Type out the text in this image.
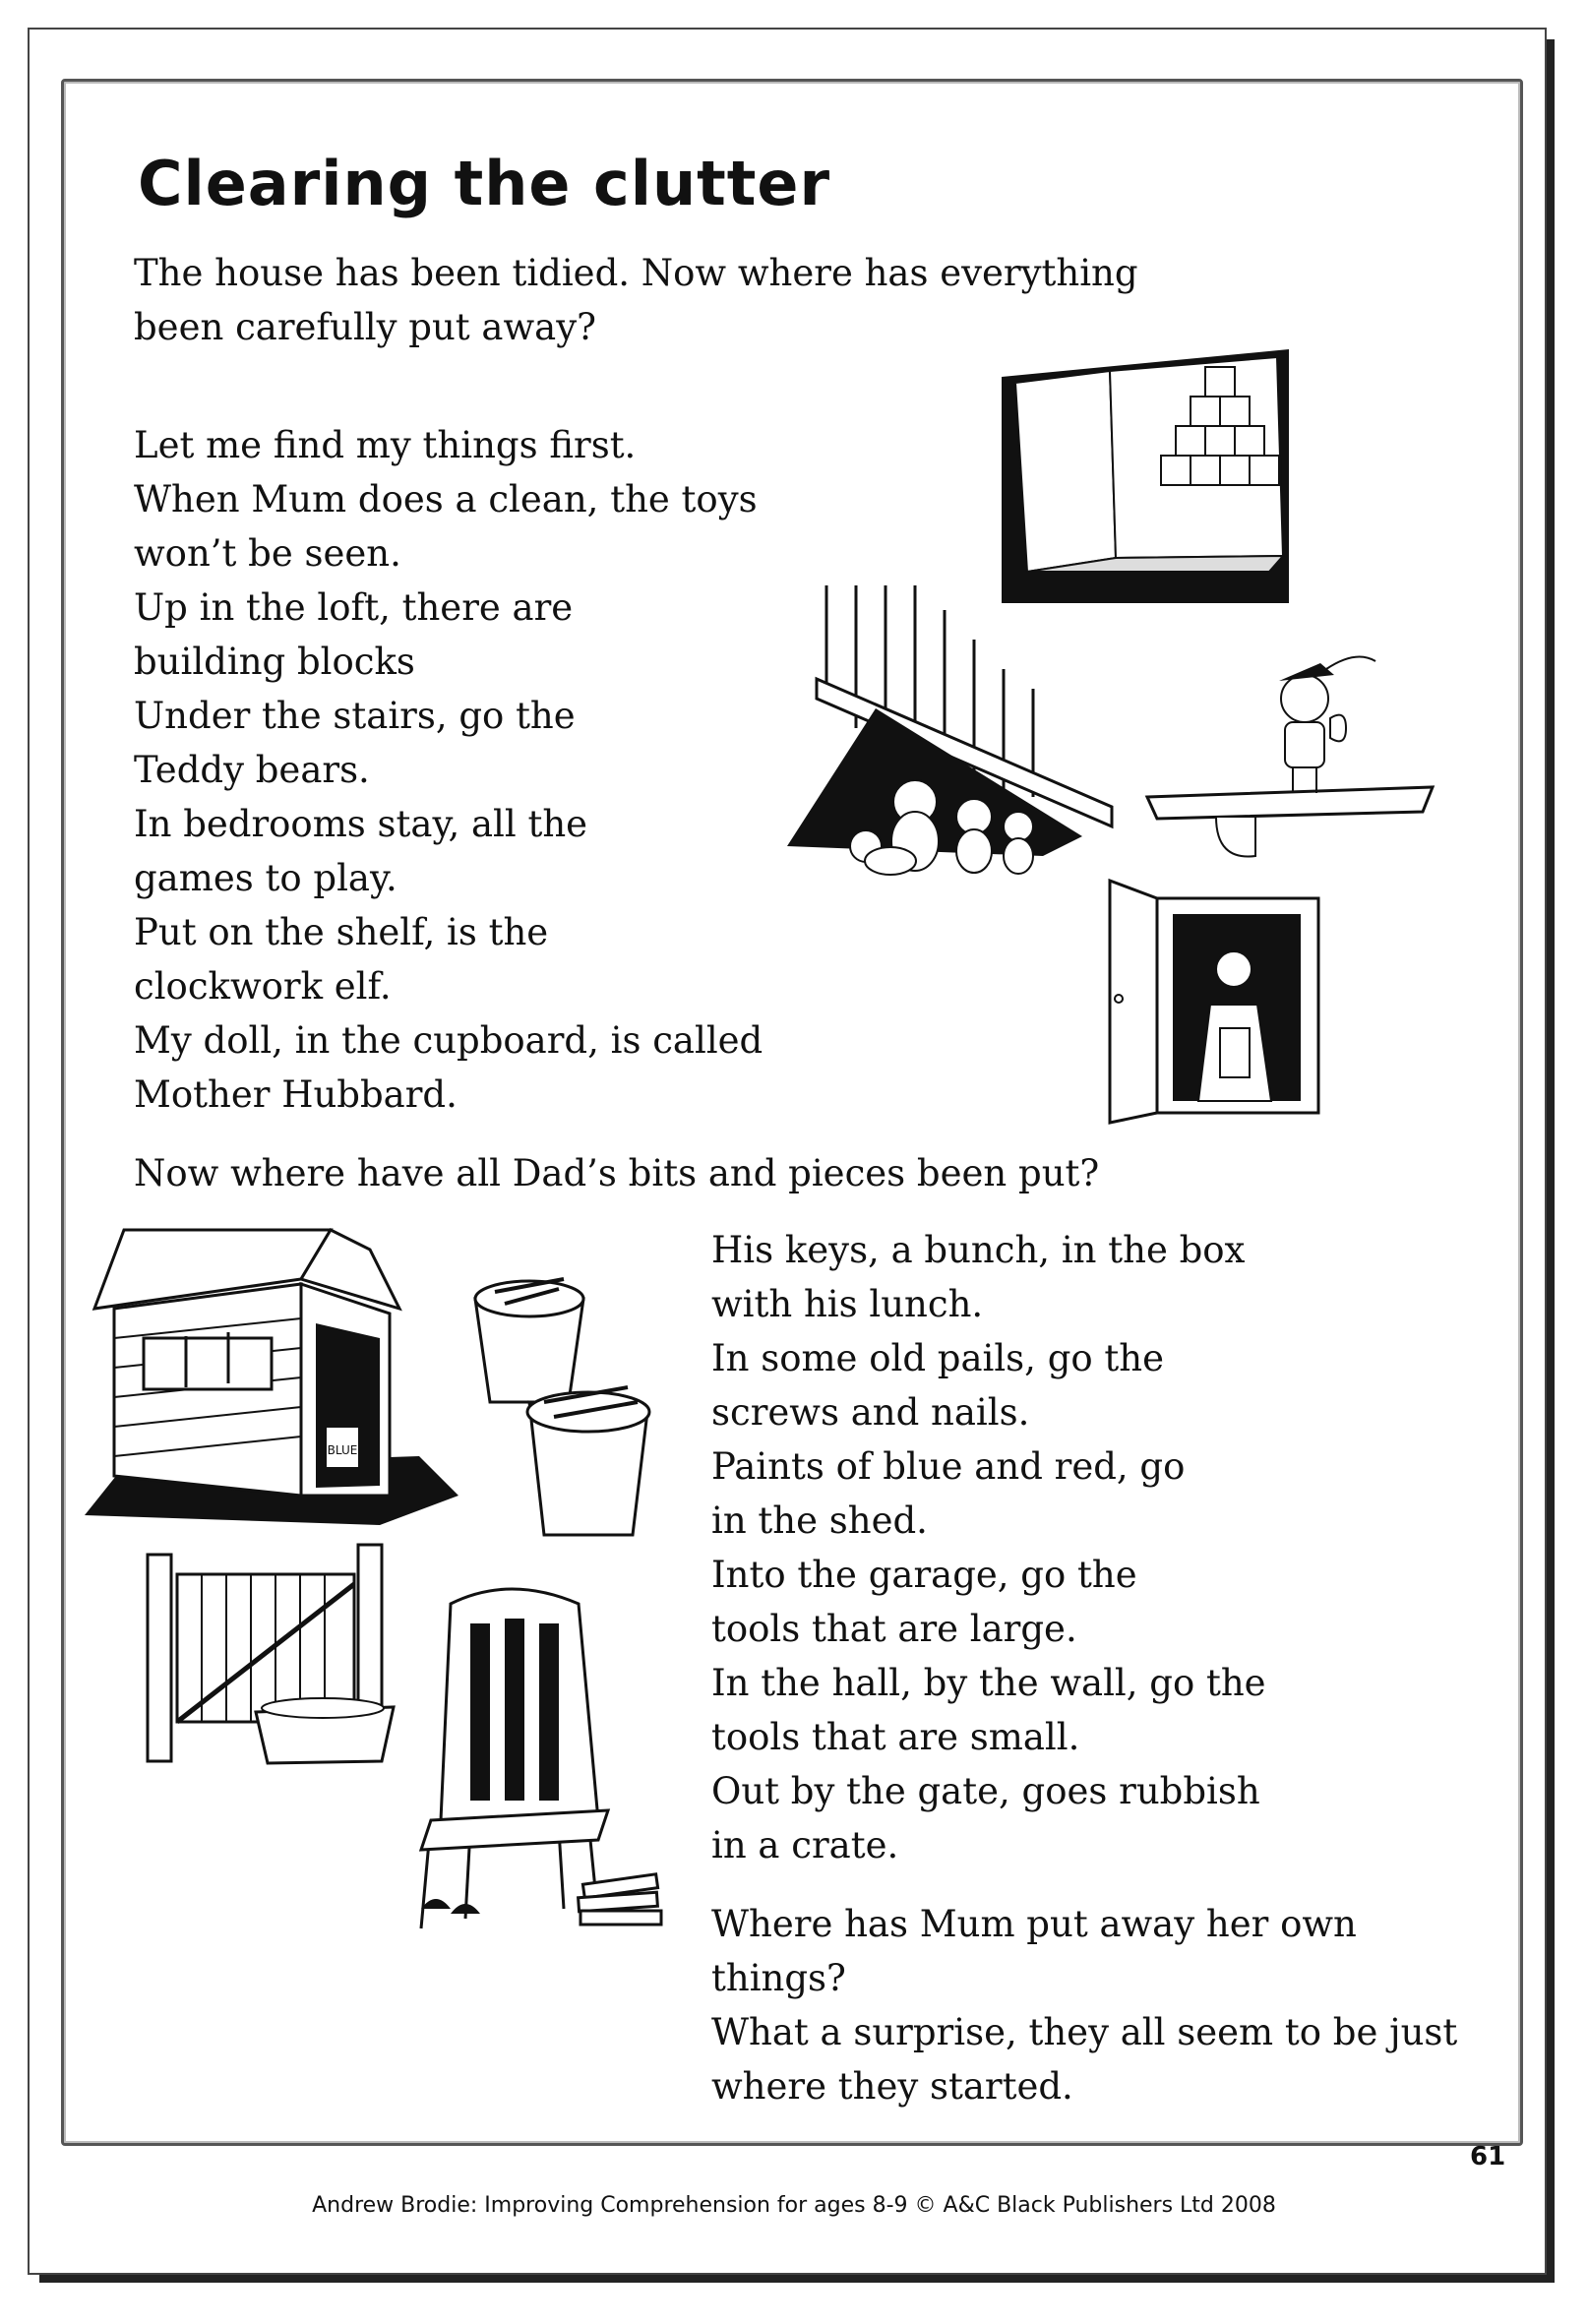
Clearing the clutter

The house has been tidied. Now where has everything
been carefully put away?

Let me find my things first.
When Mum does a clean, the toys
won’t be seen.
Up in the loft, there are
building blocks
Under the stairs, go the
Teddy bears.
In bedrooms stay, all the
games to play.
Put on the shelf, is the
clockwork elf.
My doll, in the cupboard, is called
Mother Hubbard.

Now where have all Dad’s bits and pieces been put?

His keys, a bunch, in the box
with his lunch.
In some old pails, go the
screws and nails.
Paints of blue and red, go
in the shed.
Into the garage, go the
tools that are large.
In the hall, by the wall, go the
tools that are small.
Out by the gate, goes rubbish
in a crate.

Where has Mum put away her own
things?
What a surprise, they all seem to be just
where they started.

BLUE
61
Andrew Brodie: Improving Comprehension for ages 8-9 © A&C Black Publishers Ltd 2008
